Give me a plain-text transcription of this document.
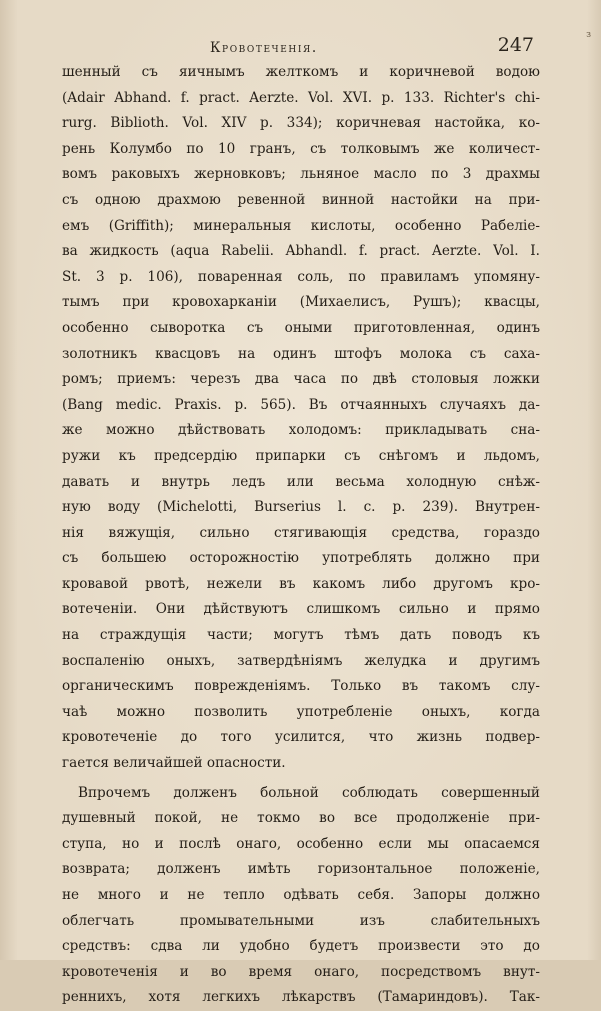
Кровотеченія.	247	з
шенный съ яичнымъ желткомъ и коричневой водою
(Adair Abhand. f. pract. Aerzte. Vol. XVI. p. 133. Richter's chi-
rurg. Biblioth. Vol. XIV p. 334); коричневая настойка, ко-
рень Колумбо по 10 гранъ, съ толковымъ же количест-
вомъ раковыхъ жерновковъ; льняное масло по 3 драхмы
съ одною драхмою ревенной винной настойки на при-
емъ (Griffith); минеральныя кислоты, особенно Рабелie-
ва жидкость (aqua Rabelii. Abhandl. f. pract. Aerzte. Vol. I.
St. 3 p. 106), поваренная соль, по правиламъ упомяну-
тымъ при кровохарканіи (Михаелисъ, Рушъ); квасцы,
особенно сыворотка съ оными приготовленная, одинъ
золотникъ квасцовъ на одинъ штофъ молока съ саха-
ромъ; приемъ: черезъ два часа по двѣ столовыя ложки
(Bang medic. Praxis. p. 565). Въ отчаянныхъ случаяхъ да-
же можно дѣйствовать холодомъ: прикладывать сна-
ружи къ предсердію припарки съ снѣгомъ и льдомъ,
давать и внутрь ледъ или весьма холодную снѣж-
ную воду (Michelotti, Burserius l. c. p. 239). Внутрен-
нія вяжущія, сильно стягивающія средства, гораздо
съ большею осторожностію употреблять должно при
кровавой рвотѣ, нежели въ какомъ либо другомъ кро-
вотеченіи. Они дѣйствуютъ слишкомъ сильно и прямо
на страждущія части; могутъ тѣмъ дать поводъ къ
воспаленію оныхъ, затвердѣніямъ желудка и другимъ
органическимъ поврежденіямъ. Только въ такомъ слу-
чаѣ можно позволить употребленіе оныхъ, когда
кровотеченіе до того усилится, что жизнь подвер-
гается величайшей опасности.
Впрочемъ долженъ больной соблюдать совершенный
душевный покой, не токмо во все продолженіе при-
ступа, но и послѣ онаго, особенно если мы опасаемся
возврата; долженъ имѣть горизонтальное положеніе,
не много и не тепло одѣвать себя. Запоры должно
облегчать промывательными изъ слабительныхъ
средствъ: сдва ли удобно будетъ произвести это до
кровотеченія и во время онаго, посредствомъ внут-
реннихъ, хотя легкихъ лѣкарствъ (Тамариндовъ). Так-
